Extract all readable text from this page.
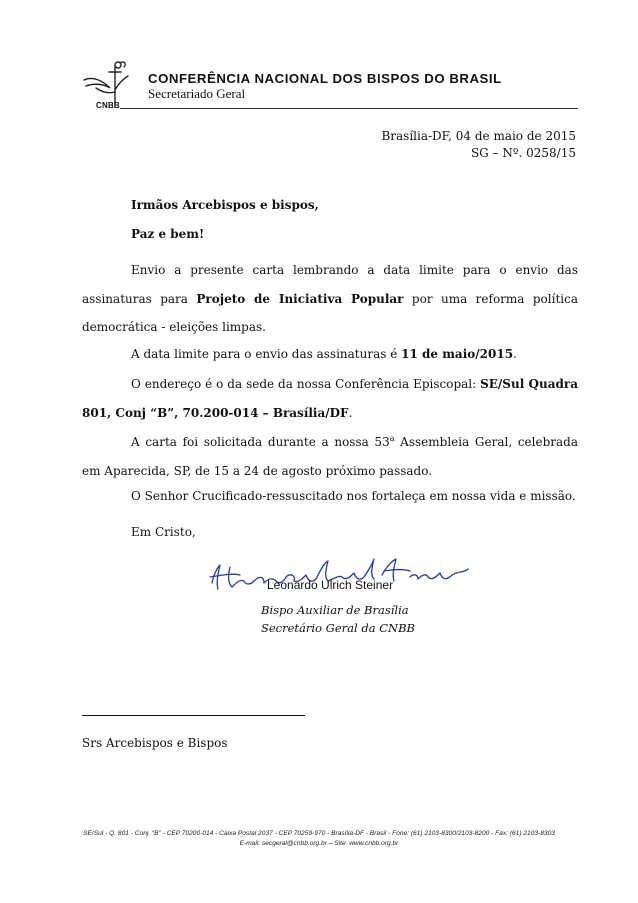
CNBB
CONFERÊNCIA NACIONAL DOS BISPOS DO BRASIL
Secretariado Geral
Brasília-DF, 04 de maio de 2015
SG – Nº. 0258/15
Irmãos Arcebispos e bispos,
Paz e bem!
Envio a presente carta lembrando a data limite para o envio das assinaturas para Projeto de Iniciativa Popular por uma reforma política democrática - eleições limpas.
A data limite para o envio das assinaturas é 11 de maio/2015.
O endereço é o da sede da nossa Conferência Episcopal: SE/Sul Quadra 801, Conj “B”, 70.200-014 – Brasília/DF.
A carta foi solicitada durante a nossa 53$^a$ Assembleia Geral, celebrada em Aparecida, SP, de 15 a 24 de agosto próximo passado.
O Senhor Crucificado-ressuscitado nos fortaleça em nossa vida e missão.
Em Cristo,
Leonardo Ulrich Steiner
Bispo Auxiliar de Brasília
Secretário Geral da CNBB
Srs Arcebispos e Bispos
SE/Sul - Q. 801 - Conj. “B” - CEP 70200-014 - Caixa Postal 2037 - CEP 70259-970 - Brasília-DF - Brasil - Fone: (61) 2103-8300/2103-8200 - Fax: (61) 2103-8303
E-mail: secgeral@cnbb.org.br – Site: www.cnbb.org.br
